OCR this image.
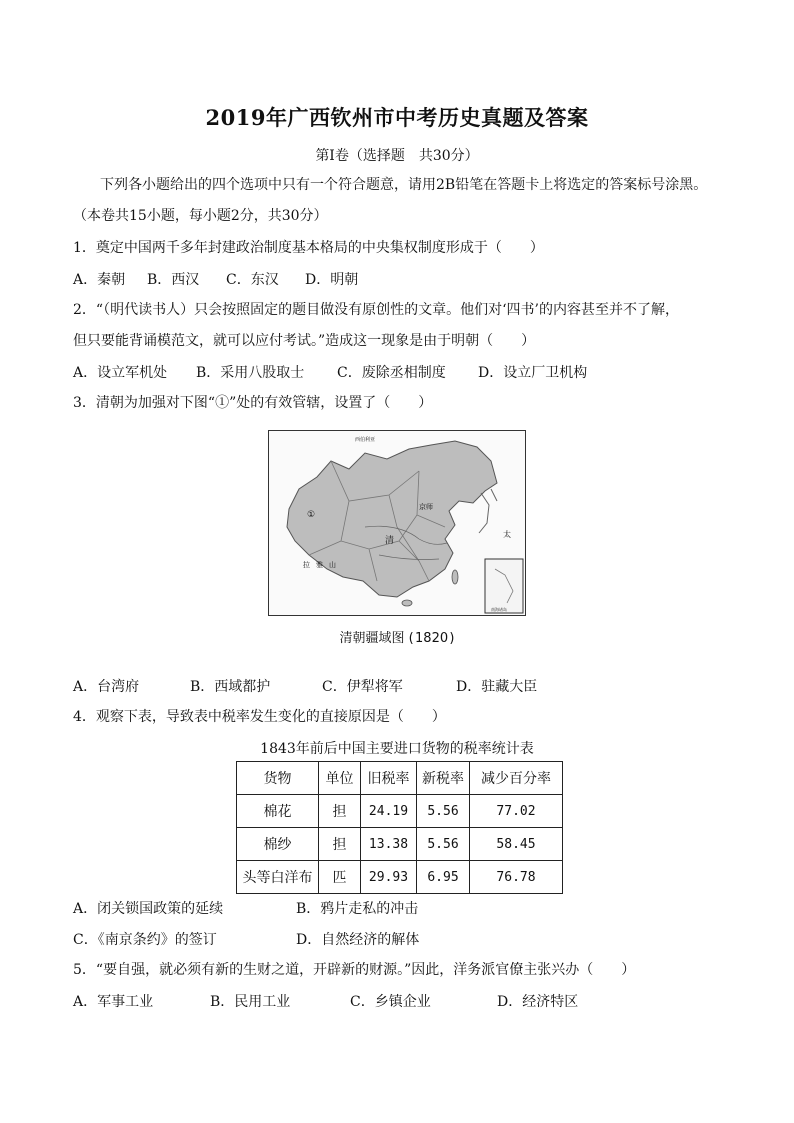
2019年广西钦州市中考历史真题及答案
第Ⅰ卷（选择题　共30分）
下列各小题给出的四个选项中只有一个符合题意，请用2B铅笔在答题卡上将选定的答案标号涂黑。
（本卷共15小题，每小题2分，共30分）
1．奠定中国两千多年封建政治制度基本格局的中央集权制度形成于（　　）
A．秦朝 B．西汉 C．东汉 D．明朝
2．“（明代读书人）只会按照固定的题目做没有原创性的文章。他们对‘四书’的内容甚至并不了解，
但只要能背诵模范文，就可以应付考试。”造成这一现象是由于明朝（　　）
A．设立军机处 B．采用八股取士 C．废除丞相制度 D．设立厂卫机构
3．清朝为加强对下图“①”处的有效管辖，设置了（　　）
西伯利亚
京师
清
①
拉雅山
太
南海诸岛
清朝疆域图 ( 1820 )
A．台湾府	B．西域都护	C．伊犁将军	D．驻藏大臣
4．观察下表，导致表中税率发生变化的直接原因是（　　）
1843年前后中国主要进口货物的税率统计表
货物	单位	旧税率	新税率	减少百分率
棉花	担	24.19	5.56	77.02
棉纱	担	13.38	5.56	58.45
头等白洋布	匹	29.93	6.95	76.78
A．闭关锁国政策的延续	B．鸦片走私的冲击
C．《南京条约》的签订	D．自然经济的解体
5．“要自强，就必须有新的生财之道，开辟新的财源。”因此，洋务派官僚主张兴办（　　）
A．军事工业	B．民用工业	C．乡镇企业	D．经济特区
